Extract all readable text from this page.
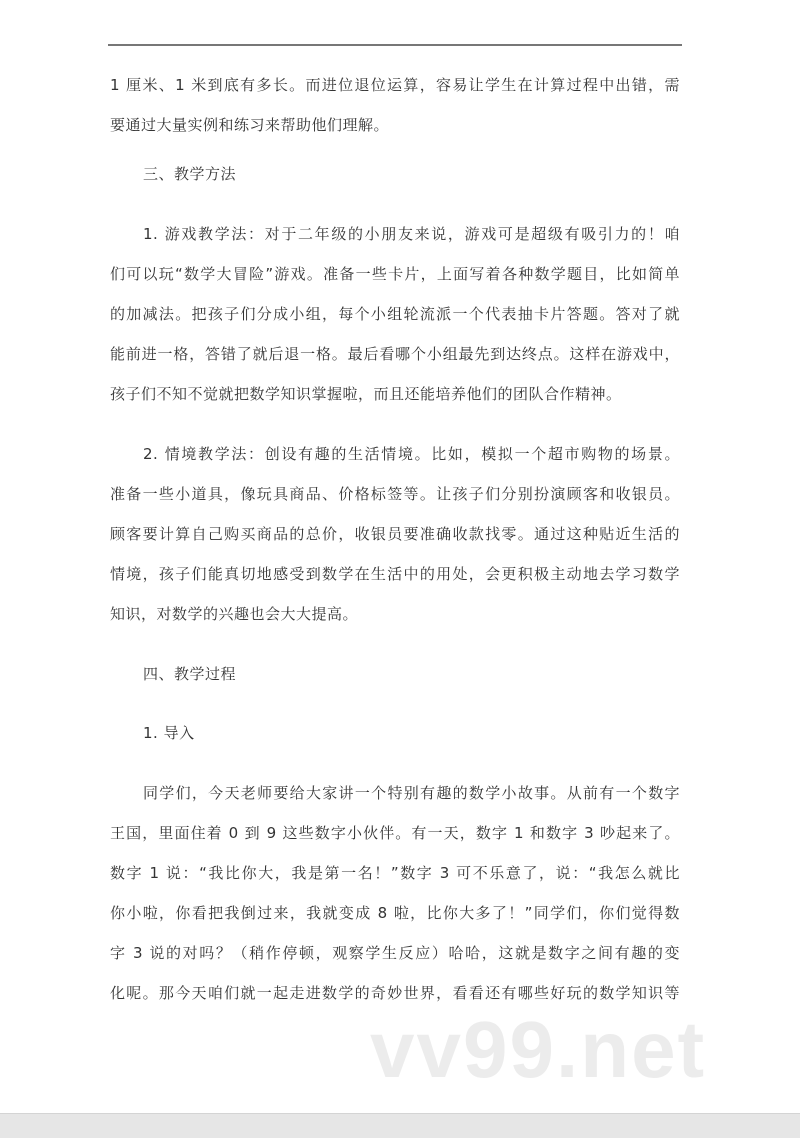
1 厘米、1 米到底有多长。而进位退位运算，容易让学生在计算过程中出错，需
要通过大量实例和练习来帮助他们理解。
三、教学方法
1. 游戏教学法：对于二年级的小朋友来说，游戏可是超级有吸引力的！咱
们可以玩“数学大冒险”游戏。准备一些卡片，上面写着各种数学题目，比如简单
的加减法。把孩子们分成小组，每个小组轮流派一个代表抽卡片答题。答对了就
能前进一格，答错了就后退一格。最后看哪个小组最先到达终点。这样在游戏中，
孩子们不知不觉就把数学知识掌握啦，而且还能培养他们的团队合作精神。
2. 情境教学法：创设有趣的生活情境。比如，模拟一个超市购物的场景。
准备一些小道具，像玩具商品、价格标签等。让孩子们分别扮演顾客和收银员。
顾客要计算自己购买商品的总价，收银员要准确收款找零。通过这种贴近生活的
情境，孩子们能真切地感受到数学在生活中的用处，会更积极主动地去学习数学
知识，对数学的兴趣也会大大提高。
四、教学过程
1. 导入
同学们，今天老师要给大家讲一个特别有趣的数学小故事。从前有一个数字
王国，里面住着 0 到 9 这些数字小伙伴。有一天，数字 1 和数字 3 吵起来了。
数字 1 说：“我比你大，我是第一名！”数字 3 可不乐意了，说：“我怎么就比
你小啦，你看把我倒过来，我就变成 8 啦，比你大多了！”同学们，你们觉得数
字 3 说的对吗？（稍作停顿，观察学生反应）哈哈，这就是数字之间有趣的变
化呢。那今天咱们就一起走进数学的奇妙世界，看看还有哪些好玩的数学知识等
vv99.net
